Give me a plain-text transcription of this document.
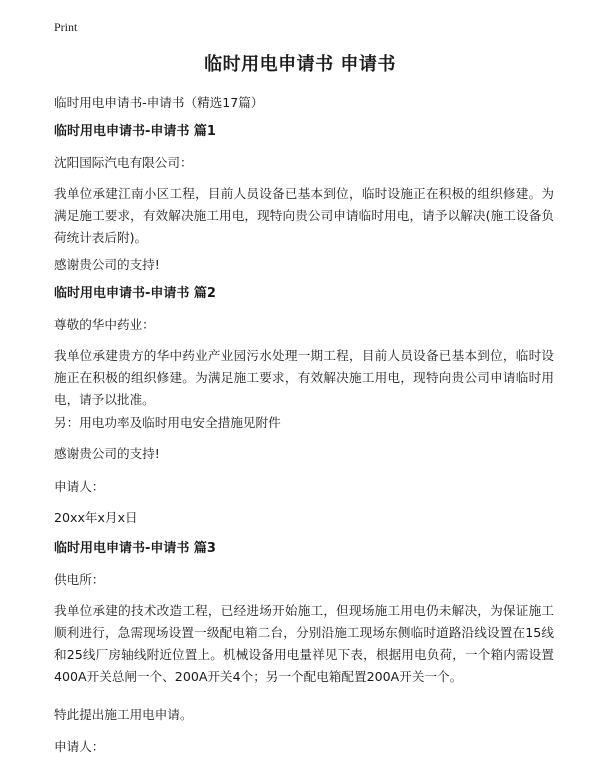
Print
临时用电申请书 申请书
临时用电申请书-申请书（精选17篇）
临时用电申请书-申请书 篇1
沈阳国际汽电有限公司：
我单位承建江南小区工程，目前人员设备已基本到位，临时设施正在积极的组织修建。为满足施工要求，有效解决施工用电，现特向贵公司申请临时用电，请予以解决(施工设备负荷统计表后附)。
感谢贵公司的支持!
临时用电申请书-申请书 篇2
尊敬的华中药业：
我单位承建贵方的华中药业产业园污水处理一期工程，目前人员设备已基本到位，临时设施正在积极的组织修建。为满足施工要求，有效解决施工用电，现特向贵公司申请临时用电，请予以批准。
另：用电功率及临时用电安全措施见附件
感谢贵公司的支持!
申请人：
20xx年x月x日
临时用电申请书-申请书 篇3
供电所：
我单位承建的技术改造工程，已经进场开始施工，但现场施工用电仍未解决，为保证施工顺利进行，急需现场设置一级配电箱二台，分别沿施工现场东侧临时道路沿线设置在15线和25线厂房轴线附近位置上。机械设备用电量祥见下表，根据用电负荷，一个箱内需设置400A开关总闸一个、200A开关4个；另一个配电箱配置200A开关一个。
特此提出施工用电申请。
申请人：
